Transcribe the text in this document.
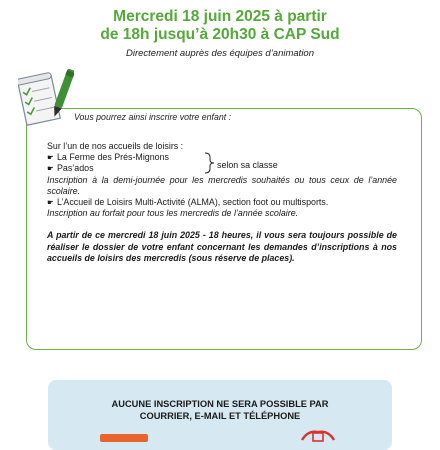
Mercredi 18 juin 2025 à partir
de 18h jusqu’à 20h30 à CAP Sud
Directement auprès des équipes d’animation
Vous pourrez ainsi inscrire votre enfant :

Sur l’un de nos accueils de loisirs :

☛ La Ferme des Prés-Mignons
☛ Pas’ados	selon sa classe

Inscription à la demi-journée pour les mercredis souhaités ou tous ceux de l’année scolaire.

☛ L’Accueil de Loisirs Multi-Activité (ALMA), section foot ou multisports.

Inscription au forfait pour tous les mercredis de l’année scolaire.

A partir de ce mercredi 18 juin 2025 - 18 heures, il vous sera toujours possible de réaliser le dossier de votre enfant concernant les demandes d’inscriptions à nos accueils de loisirs des mercredis (sous réserve de places).

AUCUNE INSCRIPTION NE SERA POSSIBLE PAR
COURRIER, E-MAIL ET TÉLÉPHONE
